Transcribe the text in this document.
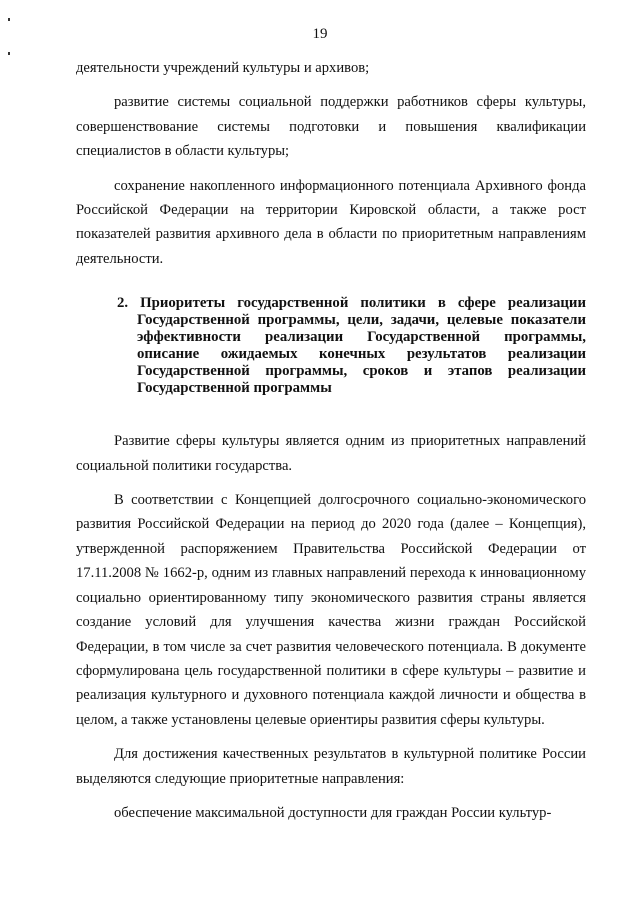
19

деятельности учреждений культуры и архивов;

развитие системы социальной поддержки работников сферы культуры, совершенствование системы подготовки и повышения квалификации специалистов в области культуры;

сохранение накопленного информационного потенциала Архивного фонда Российской Федерации на территории Кировской области, а также рост показателей развития архивного дела в области по приоритетным направлениям деятельности.

2. Приоритеты государственной политики в сфере реализации Государственной программы, цели, задачи, целевые показатели эффективности реализации Государственной программы, описание ожидаемых конечных результатов реализации Государственной программы, сроков и этапов реализации Государственной программы

Развитие сферы культуры является одним из приоритетных направлений социальной политики государства.

В соответствии с Концепцией долгосрочного социально-экономического развития Российской Федерации на период до 2020 года (далее – Концепция), утвержденной распоряжением Правительства Российской Федерации от 17.11.2008 № 1662-р, одним из главных направлений перехода к инновационному социально ориентированному типу экономического развития страны является создание условий для улучшения качества жизни граждан Российской Федерации, в том числе за счет развития человеческого потенциала. В документе сформулирована цель государственной политики в сфере культуры – развитие и реализация культурного и духовного потенциала каждой личности и общества в целом, а также установлены целевые ориентиры развития сферы культуры.

Для достижения качественных результатов в культурной политике России выделяются следующие приоритетные направления:

обеспечение максимальной доступности для граждан России культур-
